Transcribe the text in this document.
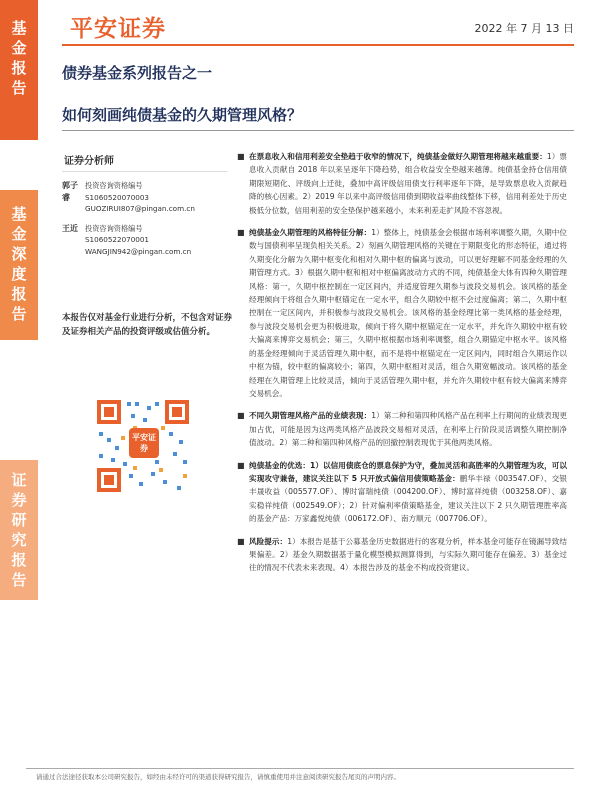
基
金
报
告
基
金
深
度
报
告
证
券
研
究
报
告
平安证券	2022 年 7 月 13 日
债券基金系列报告之一
如何刻画纯债基金的久期管理风格？
证券分析师
郭子睿
投资咨询资格编号
S1060520070003
GUOZIRUI807@pingan.com.cn
王近 投资咨询资格编号
S1060522070001
WANGJIN942@pingan.com.cn
本报告仅对基金行业进行分析，不包含对证券及证券相关产品的投资评级或估值分析。
平安证券
■ 在票息收入和信用利差安全垫趋于收窄的情况下，纯债基金做好久期管理将越来越重要：1）票息收入贡献自 2018 年以来呈逐年下降趋势，组合收益安全垫越来越薄。纯债基金持仓信用债期限短期化、评级向上迁徙，叠加中高评级信用债支行利率逐年下降，是导致票息收入贡献趋降的核心因素。2）2019 年以来中高评级信用债到期收益率曲线整体下移，信用利差处于历史极低分位数，信用利差的安全垫保护越来越小，未来利差走扩风险不容忽视。
■ 纯债基金久期管理的风格特征分解：1）整体上，纯债基金会根据市场利率调整久期，久期中位数与国债利率呈现负相关关系。2）刻画久期管理风格的关键在于期限变化的形态特征，通过将久期变化分解为久期中枢变化和相对久期中枢的偏离与波动，可以更好理解不同基金经理的久期管理方式。3）根据久期中枢和相对中枢偏离波动方式的不同，纯债基金大体有四种久期管理风格：第一，久期中枢控制在一定区间内，并适度管理久期参与波段交易机会。该风格的基金经理倾向于将组合久期中枢锚定在一定水平，组合久期较中枢不会过度偏离；第二，久期中枢控制在一定区间内，并积极参与波段交易机会。该风格的基金经理比第一类风格的基金经理，参与波段交易机会更为积极进取，倾向于将久期中枢锚定在一定水平，并允许久期较中枢有较大偏离来博弈交易机会；第三，久期中枢根据市场利率调整，组合久期锚定中枢水平。该风格的基金经理倾向于灵活管理久期中枢，而不是将中枢锚定在一定区间内，同时组合久期运作以中枢为锚，较中枢的偏离较小；第四，久期中枢相对灵活，组合久期宽幅波动。该风格的基金经理在久期管理上比较灵活，倾向于灵活管理久期中枢，并允许久期较中枢有较大偏离来博弈交易机会。
■ 不同久期管理风格产品的业绩表现：1）第二种和第四种风格产品在利率上行期间的业绩表现更加占优，可能是因为这两类风格产品波段交易相对灵活，在利率上行阶段灵活调整久期控制净值波动。2）第二种和第四种风格产品的回撤控制表现优于其他两类风格。
■ 纯债基金的优选：1）以信用债底仓的票息保护为守，叠加灵活和高胜率的久期管理为攻，可以实现攻守兼备，建议关注以下 5 只开放式偏信用债策略基金：鹏华丰禄（003547.OF）、交银丰晟收益（005577.OF）、博时富瑞纯债（004200.OF）、博时富祥纯债（003258.OF）、嘉实稳祥纯债（002549.OF）；2）针对偏利率债策略基金，建议关注以下 2 只久期管理胜率高的基金产品：万家鑫悦纯债（006172.OF）、南方顺元（007706.OF）。
■ 风险提示：1）本报告是基于公募基金历史数据进行的客观分析，样本基金可能存在镜漏导致结果偏差。2）基金久期数据基于量化模型模拟测算得到，与实际久期可能存在偏差。3）基金过往的情况不代表未来表现。4）本报告涉及的基金不构成投资建议。
请通过合法途径获取本公司研究报告，如经由未经许可的渠道获得研究报告，请慎重使用并注意阅读研究报告尾页的声明内容。
